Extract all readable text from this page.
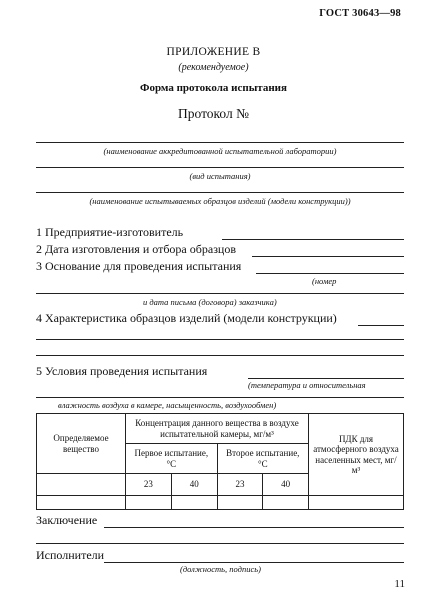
ГОСТ 30643—98
ПРИЛОЖЕНИЕ В
(рекомендуемое)
Форма протокола испытания
Протокол №
(наименование аккредитованной испытательной лаборатории)
(вид испытания)
(наименование испытываемых образцов изделий (модели конструкции))
1 Предприятие-изготовитель
2 Дата изготовления и отбора образцов
3 Основание для проведения испытания
(номер
и дата письма (договора) заказчика)
4 Характеристика образцов изделий (модели конструкции)
5 Условия проведения испытания
(температура и относительная
влажность воздуха в камере, насыщенность, воздухообмен)
Определяемое вещество	Концентрация данного вещества в воздухе испытательной камеры, мг/м³				ПДК для атмосферного воздуха населенных мест, мг/м³
	Первое испытание, °С		Второе испытание, °С		
	23	40	23	40	

Заключение
Исполнители
(должность, подпись)
11
